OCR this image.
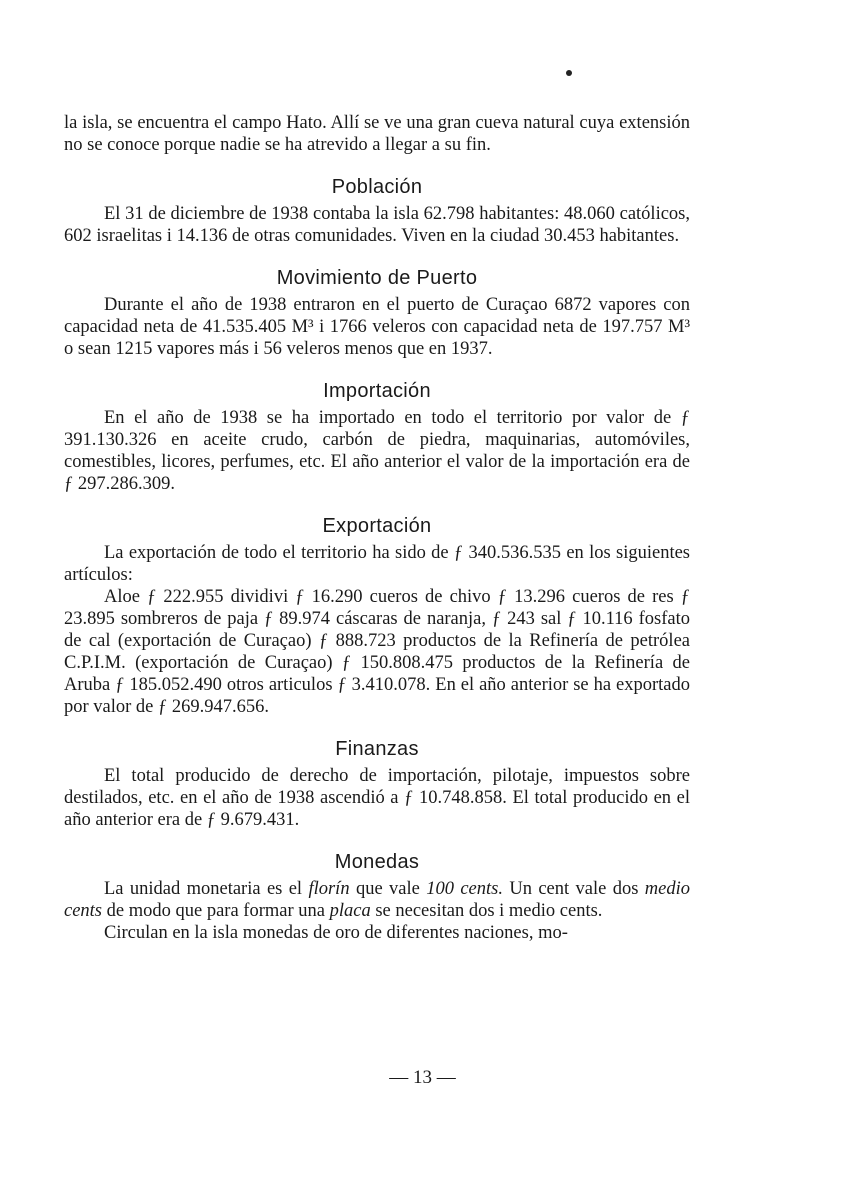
la isla, se encuentra el campo Hato. Allí se ve una gran cueva natural cuya extensión no se conoce porque nadie se ha atrevido a llegar a su fin.

Población

El 31 de diciembre de 1938 contaba la isla 62.798 habitantes: 48.060 católicos, 602 israelitas i 14.136 de otras comunidades. Viven en la ciudad 30.453 habitantes.

Movimiento de Puerto

Durante el año de 1938 entraron en el puerto de Curaçao 6872 vapores con capacidad neta de 41.535.405 M³ i 1766 veleros con capacidad neta de 197.757 M³ o sean 1215 vapores más i 56 veleros menos que en 1937.

Importación

En el año de 1938 se ha importado en todo el territorio por valor de ƒ 391.130.326 en aceite crudo, carbón de piedra, maquinarias, automóviles, comestibles, licores, perfumes, etc. El año anterior el valor de la importación era de ƒ 297.286.309.

Exportación

La exportación de todo el territorio ha sido de ƒ 340.536.535 en los siguientes artículos:

Aloe ƒ 222.955 dividivi ƒ 16.290 cueros de chivo ƒ 13.296 cueros de res ƒ 23.895 sombreros de paja ƒ 89.974 cáscaras de naranja, ƒ 243 sal ƒ 10.116 fosfato de cal (exportación de Curaçao) ƒ 888.723 productos de la Refinería de petrólea C.P.I.M. (exportación de Curaçao) ƒ 150.808.475 productos de la Refinería de Aruba ƒ 185.052.490 otros articulos ƒ 3.410.078. En el año anterior se ha exportado por valor de ƒ 269.947.656.

Finanzas

El total producido de derecho de importación, pilotaje, impuestos sobre destilados, etc. en el año de 1938 ascendió a ƒ 10.748.858. El total producido en el año anterior era de ƒ 9.679.431.

Monedas

La unidad monetaria es el florín que vale 100 cents. Un cent vale dos medio cents de modo que para formar una placa se necesitan dos i medio cents.

Circulan en la isla monedas de oro de diferentes naciones, mo-

— 13 —
